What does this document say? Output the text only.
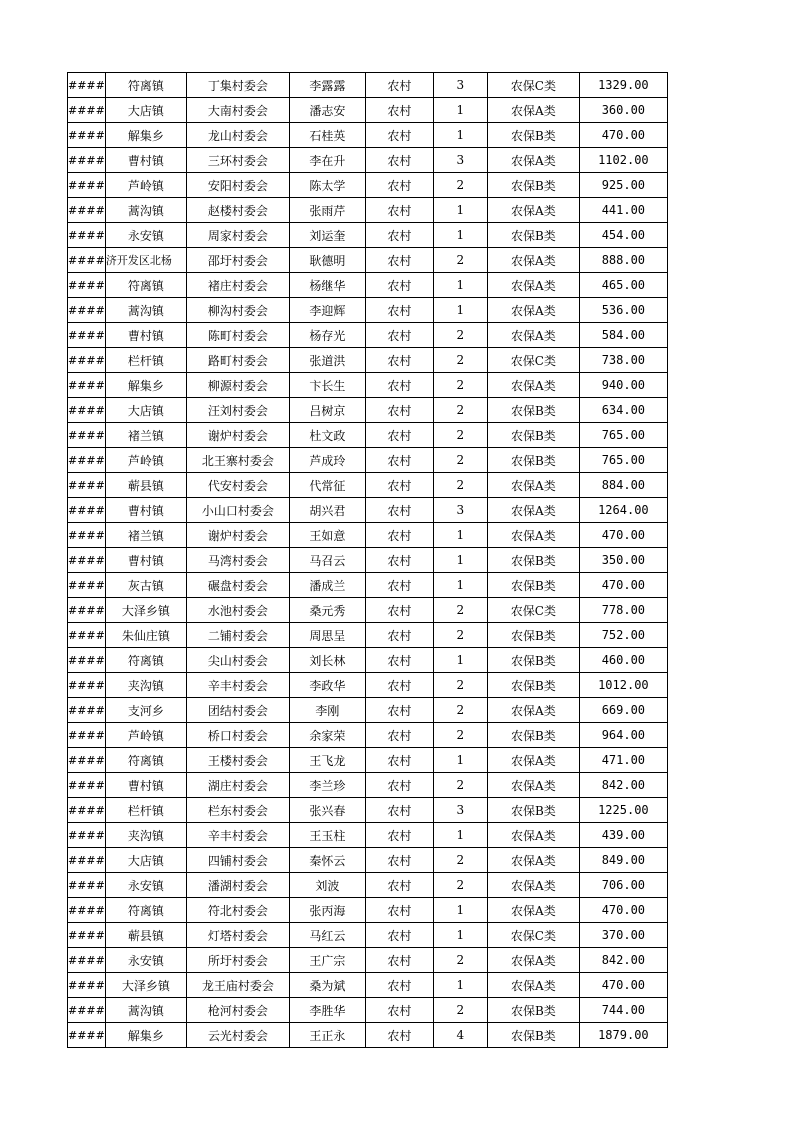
####	符离镇	丁集村委会	李露露	农村	3	农保C类	1329.00
####	大店镇	大南村委会	潘志安	农村	1	农保A类	360.00
####	解集乡	龙山村委会	石桂英	农村	1	农保B类	470.00
####	曹村镇	三环村委会	李在升	农村	3	农保A类	1102.00
####	芦岭镇	安阳村委会	陈太学	农村	2	农保B类	925.00
####	蒿沟镇	赵楼村委会	张雨芹	农村	1	农保A类	441.00
####	永安镇	周家村委会	刘运奎	农村	1	农保B类	454.00
####	济开发区北杨	邵圩村委会	耿德明	农村	2	农保A类	888.00
####	符离镇	褚庄村委会	杨继华	农村	1	农保A类	465.00
####	蒿沟镇	柳沟村委会	李迎辉	农村	1	农保A类	536.00
####	曹村镇	陈町村委会	杨存光	农村	2	农保A类	584.00
####	栏杆镇	路町村委会	张道洪	农村	2	农保C类	738.00
####	解集乡	柳源村委会	卞长生	农村	2	农保A类	940.00
####	大店镇	汪刘村委会	吕树京	农村	2	农保B类	634.00
####	褚兰镇	谢炉村委会	杜文政	农村	2	农保B类	765.00
####	芦岭镇	北王寨村委会	芦成玲	农村	2	农保B类	765.00
####	蕲县镇	代安村委会	代常征	农村	2	农保A类	884.00
####	曹村镇	小山口村委会	胡兴君	农村	3	农保A类	1264.00
####	褚兰镇	谢炉村委会	王如意	农村	1	农保A类	470.00
####	曹村镇	马湾村委会	马召云	农村	1	农保B类	350.00
####	灰古镇	碾盘村委会	潘成兰	农村	1	农保B类	470.00
####	大泽乡镇	水池村委会	桑元秀	农村	2	农保C类	778.00
####	朱仙庄镇	二铺村委会	周思呈	农村	2	农保B类	752.00
####	符离镇	尖山村委会	刘长林	农村	1	农保B类	460.00
####	夹沟镇	辛丰村委会	李政华	农村	2	农保B类	1012.00
####	支河乡	团结村委会	李刚	农村	2	农保A类	669.00
####	芦岭镇	桥口村委会	余家荣	农村	2	农保B类	964.00
####	符离镇	王楼村委会	王飞龙	农村	1	农保A类	471.00
####	曹村镇	湖庄村委会	李兰珍	农村	2	农保A类	842.00
####	栏杆镇	栏东村委会	张兴春	农村	3	农保B类	1225.00
####	夹沟镇	辛丰村委会	王玉柱	农村	1	农保A类	439.00
####	大店镇	四铺村委会	秦怀云	农村	2	农保A类	849.00
####	永安镇	潘湖村委会	刘波	农村	2	农保A类	706.00
####	符离镇	符北村委会	张丙海	农村	1	农保A类	470.00
####	蕲县镇	灯塔村委会	马红云	农村	1	农保C类	370.00
####	永安镇	所圩村委会	王广宗	农村	2	农保A类	842.00
####	大泽乡镇	龙王庙村委会	桑为斌	农村	1	农保A类	470.00
####	蒿沟镇	枪河村委会	李胜华	农村	2	农保B类	744.00
####	解集乡	云光村委会	王正永	农村	4	农保B类	1879.00
